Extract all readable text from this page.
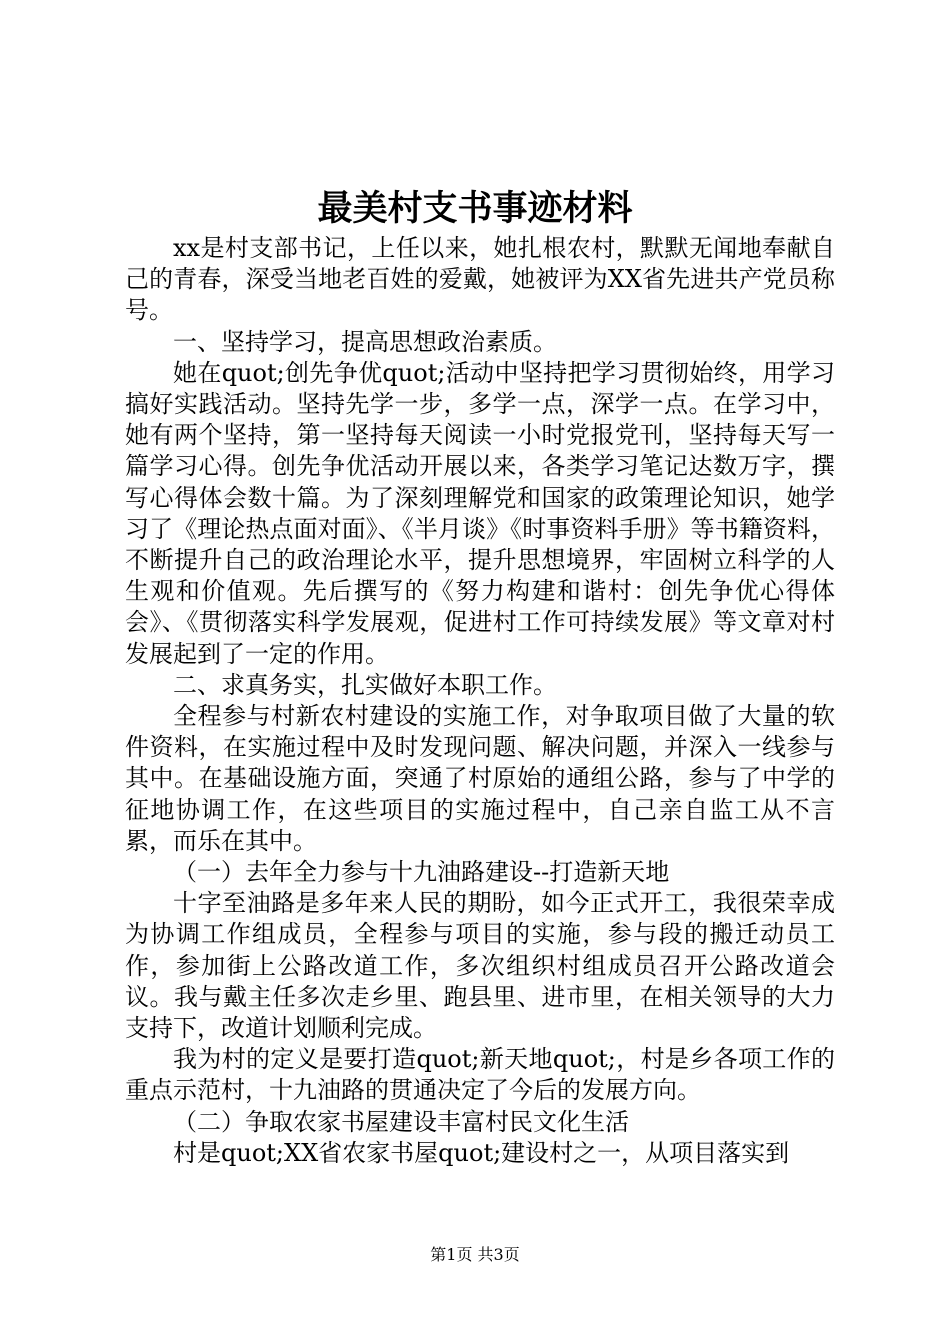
最美村支书事迹材料

xx是村支部书记，上任以来，她扎根农村，默默无闻地奉献自己的青春，深受当地老百姓的爱戴，她被评为XX省先进共产党员称号。

一、坚持学习，提高思想政治素质。

她在quot;创先争优quot;活动中坚持把学习贯彻始终，用学习搞好实践活动。坚持先学一步，多学一点，深学一点。在学习中，她有两个坚持，第一坚持每天阅读一小时党报党刊，坚持每天写一篇学习心得。创先争优活动开展以来，各类学习笔记达数万字，撰写心得体会数十篇。为了深刻理解党和国家的政策理论知识，她学习了《理论热点面对面》、《半月谈》《时事资料手册》等书籍资料，不断提升自己的政治理论水平，提升思想境界，牢固树立科学的人生观和价值观。先后撰写的《努力构建和谐村：创先争优心得体会》、《贯彻落实科学发展观，促进村工作可持续发展》等文章对村发展起到了一定的作用。

二、求真务实，扎实做好本职工作。

全程参与村新农村建设的实施工作，对争取项目做了大量的软件资料，在实施过程中及时发现问题、解决问题，并深入一线参与其中。在基础设施方面，突通了村原始的通组公路，参与了中学的征地协调工作，在这些项目的实施过程中，自己亲自监工从不言累，而乐在其中。

（一）去年全力参与十九油路建设--打造新天地

十字至油路是多年来人民的期盼，如今正式开工，我很荣幸成为协调工作组成员，全程参与项目的实施，参与段的搬迁动员工作，参加街上公路改道工作，多次组织村组成员召开公路改道会议。我与戴主任多次走乡里、跑县里、进市里，在相关领导的大力支持下，改道计划顺利完成。

我为村的定义是要打造quot;新天地quot;，村是乡各项工作的重点示范村，十九油路的贯通决定了今后的发展方向。

（二）争取农家书屋建设丰富村民文化生活

村是quot;XX省农家书屋quot;建设村之一，从项目落实到

第1页 共3页
